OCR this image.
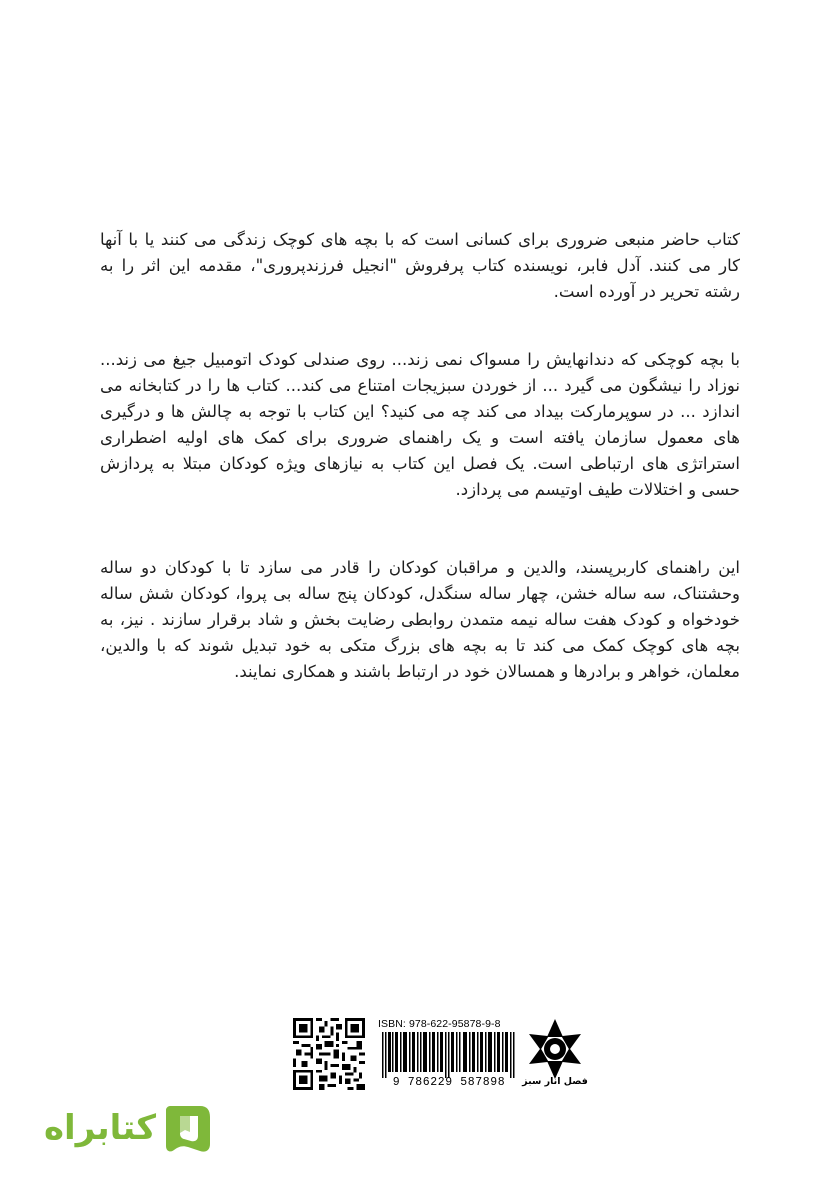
کتاب حاضر منبعی ضروری برای کسانی است که با بچه های کوچک زندگی می کنند یا با آنها کار می کنند. آدل فابر، نویسنده کتاب پرفروش "انجیل فرزندپروری"، مقدمه این اثر را به رشته تحریر در آورده است.

با بچه کوچکی که دندانهایش را مسواک نمی زند... روی صندلی کودک اتومبیل جیغ می زند... نوزاد را نیشگون می گیرد ... از خوردن سبزیجات امتناع می کند... کتاب ها را در کتابخانه می اندازد ... در سوپرمارکت بیداد می کند چه می کنید؟ این کتاب با توجه به چالش ها و درگیری های معمول سازمان یافته است و یک راهنمای ضروری برای کمک های اولیه اضطراری استراتژی های ارتباطی است. یک فصل این کتاب به نیازهای ویژه کودکان مبتلا به پردازش حسی و اختلالات طیف اوتیسم می پردازد.

این راهنمای کاربرپسند، والدین و مراقبان کودکان را قادر می سازد تا با کودکان دو ساله وحشتناک، سه ساله خشن، چهار ساله سنگدل، کودکان پنج ساله بی پروا، کودکان شش ساله خودخواه و کودک هفت ساله نیمه متمدن روابطی رضایت بخش و شاد برقرار سازند . نیز، به بچه های کوچک کمک می کند تا به بچه های بزرگ متکی به خود تبدیل شوند که با والدین، معلمان، خواهر و برادرها و همسالان خود در ارتباط باشند و همکاری نمایند.

ISBN: 978-622-95878-9-8
9 786229 587898	فصل انار سبز
کتابراه
